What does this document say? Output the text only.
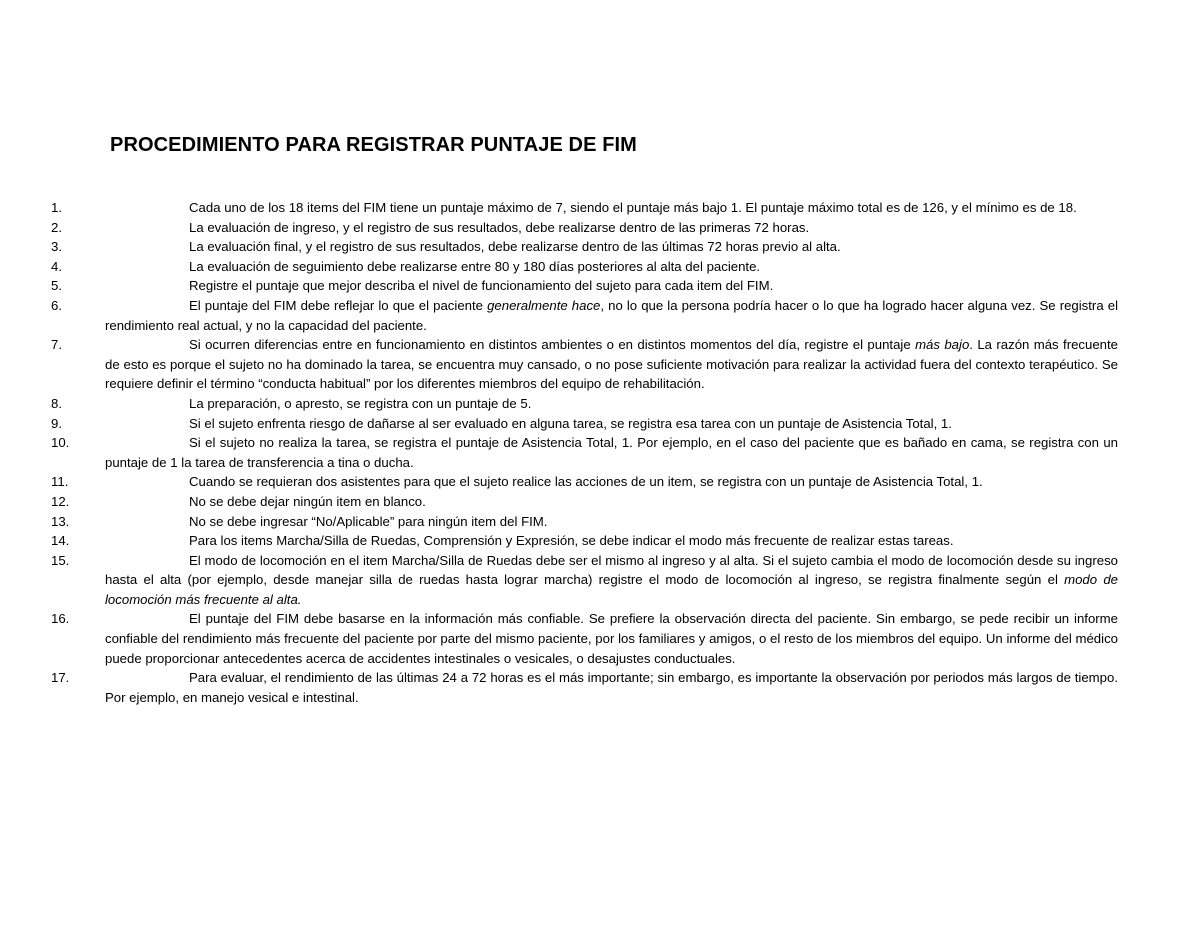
PROCEDIMIENTO PARA REGISTRAR PUNTAJE DE FIM
1.	Cada uno de los 18 items del FIM tiene un puntaje máximo de 7, siendo el puntaje más bajo 1. El puntaje máximo total es de 126, y el mínimo es de 18.
2.	La evaluación de ingreso, y el registro de sus resultados, debe realizarse dentro de las primeras 72 horas.
3.	La evaluación final, y el registro de sus resultados, debe realizarse dentro de las últimas 72 horas previo al alta.
4.	La evaluación de seguimiento debe realizarse entre 80 y 180 días posteriores al alta del paciente.
5.	Registre el puntaje que mejor describa el nivel de funcionamiento del sujeto para cada item del FIM.
6.	El puntaje del FIM debe reflejar lo que el paciente generalmente hace, no lo que la persona podría hacer o lo que ha logrado hacer alguna vez. Se registra el rendimiento real actual, y no la capacidad del paciente.
7.	Si ocurren diferencias entre en funcionamiento en distintos ambientes o en distintos momentos del día, registre el puntaje más bajo. La razón más frecuente de esto es porque el sujeto no ha dominado la tarea, se encuentra muy cansado, o no pose suficiente motivación para realizar la actividad fuera del contexto terapéutico. Se requiere definir el término “conducta habitual” por los diferentes miembros del equipo de rehabilitación.
8.	La preparación, o apresto, se registra con un puntaje de 5.
9.	Si el sujeto enfrenta riesgo de dañarse al ser evaluado en alguna tarea, se registra esa tarea con un puntaje de Asistencia Total, 1.
10.	Si el sujeto no realiza la tarea, se registra el puntaje de Asistencia Total, 1. Por ejemplo, en el caso del paciente que es bañado en cama, se registra con un puntaje de 1 la tarea de transferencia a tina o ducha.
11.	Cuando se requieran dos asistentes para que el sujeto realice las acciones de un item, se registra con un puntaje de Asistencia Total, 1.
12.	No se debe dejar ningún item en blanco.
13.	No se debe ingresar “No/Aplicable” para ningún item del FIM.
14.	Para los items Marcha/Silla de Ruedas, Comprensión y Expresión, se debe indicar el modo más frecuente de realizar estas tareas.
15.	El modo de locomoción en el item Marcha/Silla de Ruedas debe ser el mismo al ingreso y al alta. Si el sujeto cambia el modo de locomoción desde su ingreso hasta el alta (por ejemplo, desde manejar silla de ruedas hasta lograr marcha) registre el modo de locomoción al ingreso, se registra finalmente según el modo de locomoción más frecuente al alta.
16.	El puntaje del FIM debe basarse en la información más confiable. Se prefiere la observación directa del paciente. Sin embargo, se pede recibir un informe confiable del rendimiento más frecuente del paciente por parte del mismo paciente, por los familiares y amigos, o el resto de los miembros del equipo. Un informe del médico puede proporcionar antecedentes acerca de accidentes intestinales o vesicales, o desajustes conductuales.
17.	Para evaluar, el rendimiento de las últimas 24 a 72 horas es el más importante; sin embargo, es importante la observación por periodos más largos de tiempo. Por ejemplo, en manejo vesical e intestinal.
